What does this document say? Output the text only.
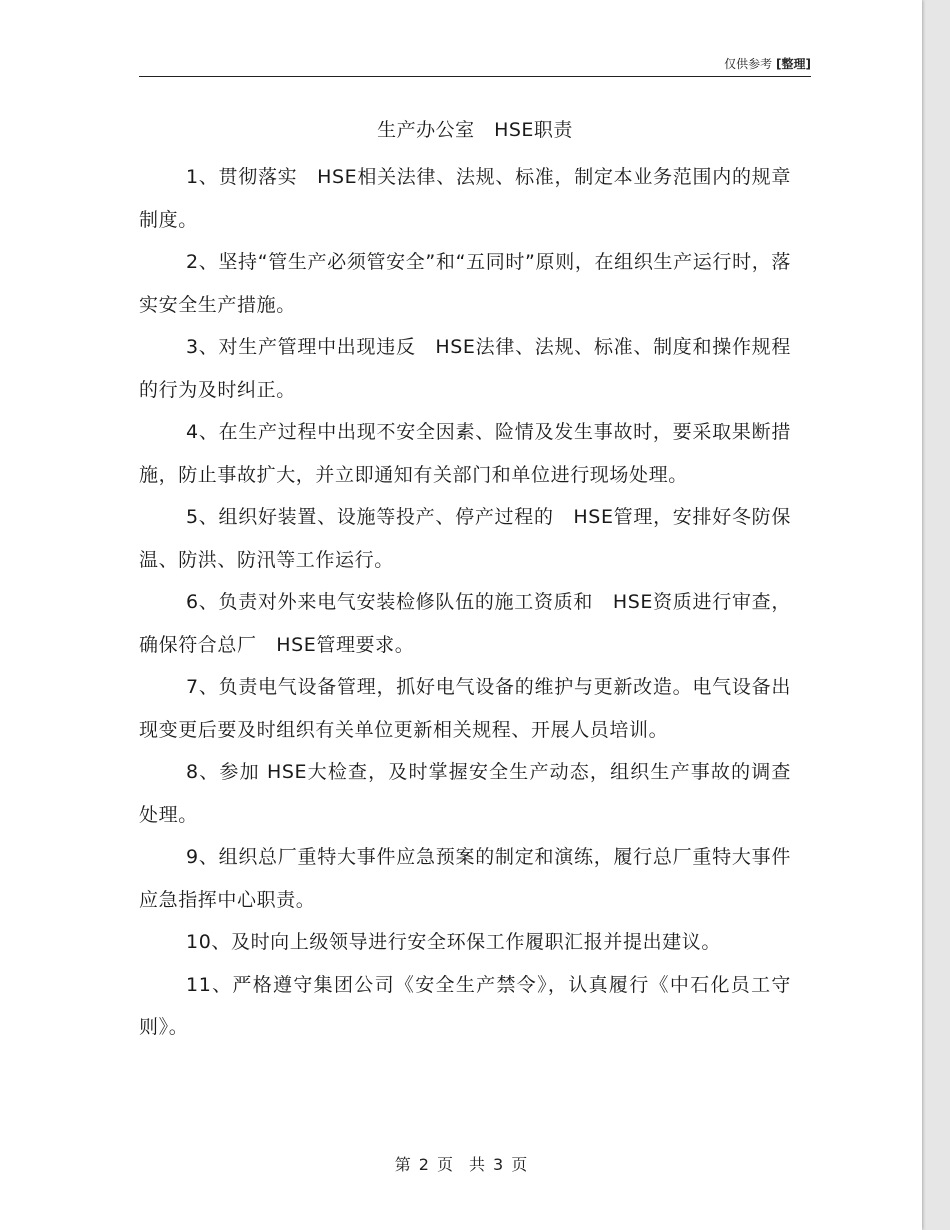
仅供参考 [整理]
生产办公室　HSE职责

1、贯彻落实　HSE相关法律、法规、标准，制定本业务范围内的规章制度。

2、坚持“管生产必须管安全”和“五同时”原则，在组织生产运行时，落实安全生产措施。

3、对生产管理中出现违反　HSE法律、法规、标准、制度和操作规程的行为及时纠正。

4、在生产过程中出现不安全因素、险情及发生事故时，要采取果断措施，防止事故扩大，并立即通知有关部门和单位进行现场处理。

5、组织好装置、设施等投产、停产过程的　HSE管理，安排好冬防保温、防洪、防汛等工作运行。

6、负责对外来电气安装检修队伍的施工资质和　HSE资质进行审查，确保符合总厂　HSE管理要求。

7、负责电气设备管理，抓好电气设备的维护与更新改造。电气设备出现变更后要及时组织有关单位更新相关规程、开展人员培训。

8、参加 HSE大检查，及时掌握安全生产动态，组织生产事故的调查处理。

9、组织总厂重特大事件应急预案的制定和演练，履行总厂重特大事件应急指挥中心职责。

10、及时向上级领导进行安全环保工作履职汇报并提出建议。

11、严格遵守集团公司《安全生产禁令》，认真履行《中石化员工守则》。

第 2 页　共 3 页
